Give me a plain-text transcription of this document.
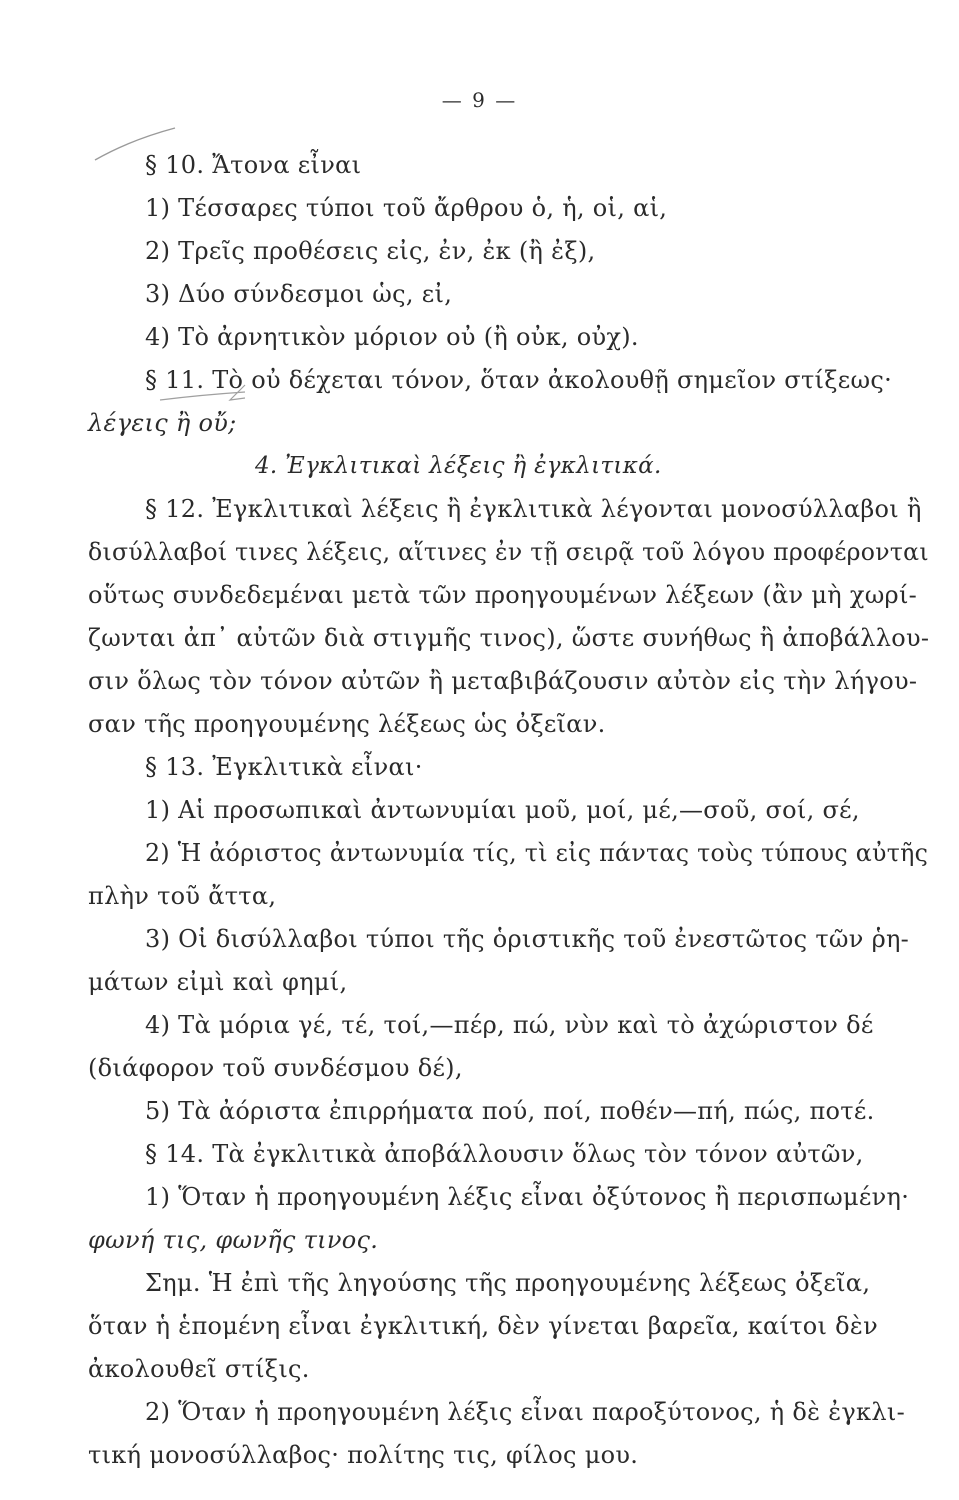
— 9 —

§ 10. Ἄτονα εἶναι

1) Τέσσαρες τύποι τοῦ ἄρθρου ὁ, ἡ, οἱ, αἱ,

2) Τρεῖς προθέσεις εἰς, ἐν, ἐκ (ἢ ἐξ),

3) Δύο σύνδεσμοι ὡς, εἰ,

4) Τὸ ἀρνητικὸν μόριον οὐ (ἢ οὐκ, οὐχ).

§ 11. Τὸ οὐ δέχεται τόνον, ὅταν ἀκολουθῇ σημεῖον στίξεως·

λέγεις ἢ οὔ;

4. Ἐγκλιτικαὶ λέξεις ἢ ἐγκλιτικά.

§ 12. Ἐγκλιτικαὶ λέξεις ἢ ἐγκλιτικὰ λέγονται μονοσύλλαβοι ἢ

δισύλλαβοί τινες λέξεις, αἵτινες ἐν τῇ σειρᾷ τοῦ λόγου προφέρονται

οὕτως συνδεδεμέναι μετὰ τῶν προηγουμένων λέξεων (ἂν μὴ χωρί-

ζωνται ἀπ᾽ αὐτῶν διὰ στιγμῆς τινος), ὥστε συνήθως ἢ ἀποβάλλου-

σιν ὅλως τὸν τόνον αὐτῶν ἢ μεταβιβάζουσιν αὐτὸν εἰς τὴν λήγου-

σαν τῆς προηγουμένης λέξεως ὡς ὀξεῖαν.

§ 13. Ἐγκλιτικὰ εἶναι·

1) Αἱ προσωπικαὶ ἀντωνυμίαι μοῦ, μοί, μέ,—σοῦ, σοί, σέ,

2) Ἡ ἀόριστος ἀντωνυμία τίς, τὶ εἰς πάντας τοὺς τύπους αὐτῆς

πλὴν τοῦ ἄττα,

3) Οἱ δισύλλαβοι τύποι τῆς ὁριστικῆς τοῦ ἐνεστῶτος τῶν ῥη-

μάτων εἰμὶ καὶ φημί,

4) Τὰ μόρια γέ, τέ, τοί,—πέρ, πώ, νὺν καὶ τὸ ἀχώριστον δέ

(διάφορον τοῦ συνδέσμου δέ),

5) Τὰ ἀόριστα ἐπιρρήματα πού, πoί, ποθέν—πή, πώς, ποτέ.

§ 14. Τὰ ἐγκλιτικὰ ἀποβάλλουσιν ὅλως τὸν τόνον αὐτῶν,

1) Ὅταν ἡ προηγουμένη λέξις εἶναι ὀξύτονος ἢ περισπωμένη·

φωνή τις, φωνῆς τινος.

Σημ. Ἡ ἐπὶ τῆς ληγούσης τῆς προηγουμένης λέξεως ὀξεῖα,

ὅταν ἡ ἑπομένη εἶναι ἐγκλιτική, δὲν γίνεται βαρεῖα, καίτοι δὲν

ἀκολουθεῖ στίξις.

2) Ὅταν ἡ προηγουμένη λέξις εἶναι παροξύτονος, ἡ δὲ ἐγκλι-

τική μονοσύλλαβος· πολίτης τις, φίλος μου.
